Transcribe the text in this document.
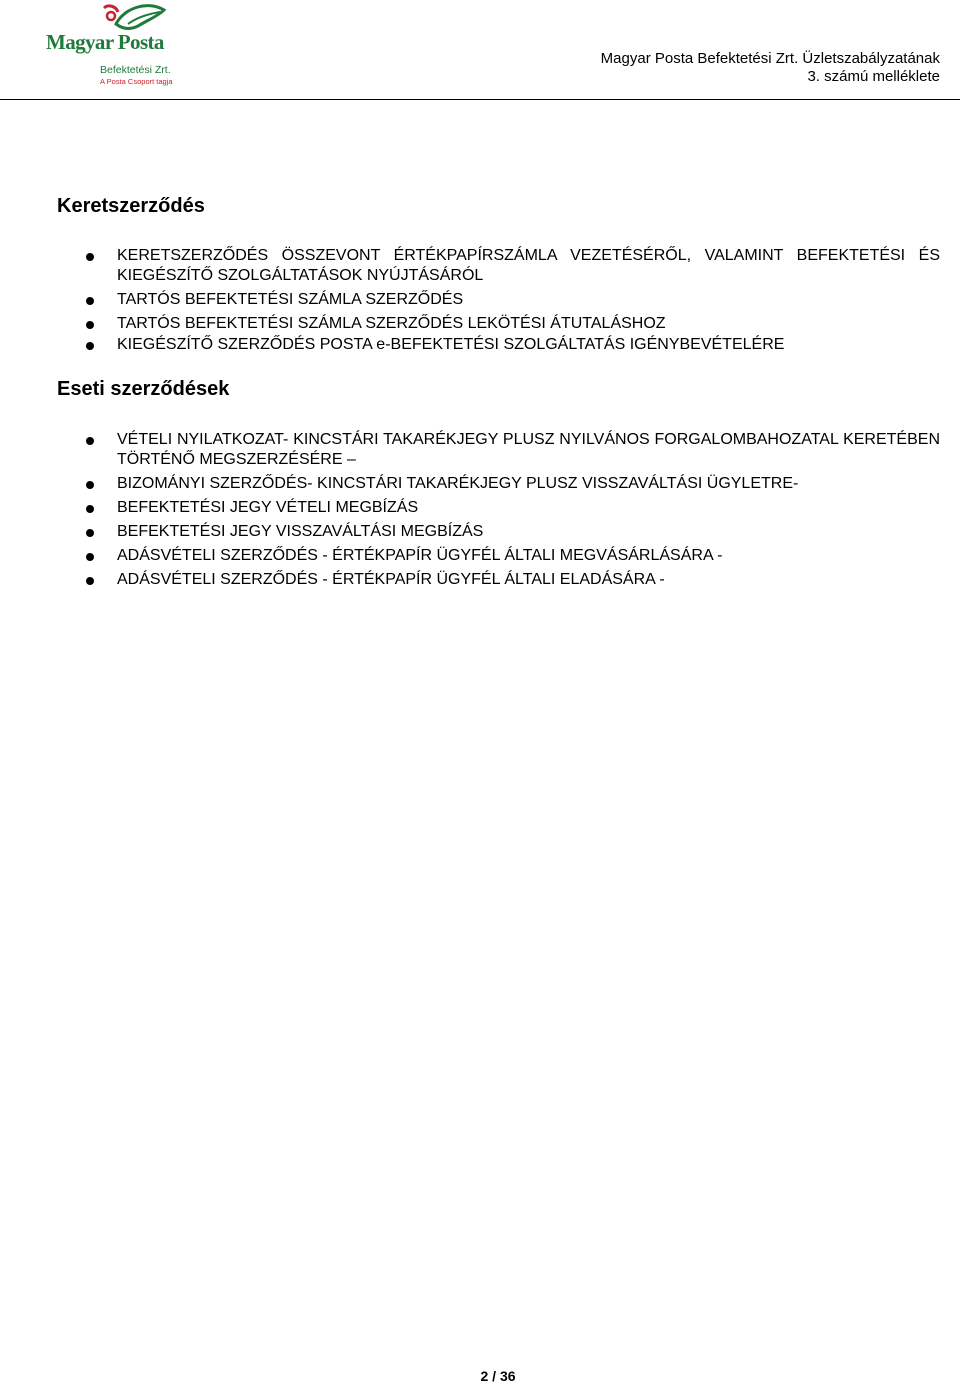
Magyar Posta
Befektetési Zrt.
A Posta Csoport tagja
Magyar Posta Befektetési Zrt. Üzletszabályzatának
3. számú melléklete
Keretszerződés
KERETSZERZŐDÉS ÖSSZEVONT ÉRTÉKPAPÍRSZÁMLA VEZETÉSÉRŐL, VALAMINT BEFEKTETÉSI ÉS KIEGÉSZÍTŐ SZOLGÁLTATÁSOK NYÚJTÁSÁRÓL
TARTÓS BEFEKTETÉSI SZÁMLA SZERZŐDÉS
TARTÓS BEFEKTETÉSI SZÁMLA SZERZŐDÉS LEKÖTÉSI ÁTUTALÁSHOZ
KIEGÉSZÍTŐ SZERZŐDÉS POSTA e-BEFEKTETÉSI SZOLGÁLTATÁS IGÉNYBEVÉTELÉRE
Eseti szerződések
VÉTELI NYILATKOZAT- KINCSTÁRI TAKARÉKJEGY PLUSZ NYILVÁNOS FORGALOMBAHOZATAL KERETÉBEN TÖRTÉNŐ MEGSZERZÉSÉRE –
BIZOMÁNYI SZERZŐDÉS- KINCSTÁRI TAKARÉKJEGY PLUSZ VISSZAVÁLTÁSI ÜGYLETRE-
BEFEKTETÉSI JEGY VÉTELI MEGBÍZÁS
BEFEKTETÉSI JEGY VISSZAVÁLTÁSI MEGBÍZÁS
ADÁSVÉTELI SZERZŐDÉS - ÉRTÉKPAPÍR ÜGYFÉL ÁLTALI MEGVÁSÁRLÁSÁRA -
ADÁSVÉTELI SZERZŐDÉS - ÉRTÉKPAPÍR ÜGYFÉL ÁLTALI ELADÁSÁRA -
2 / 36
